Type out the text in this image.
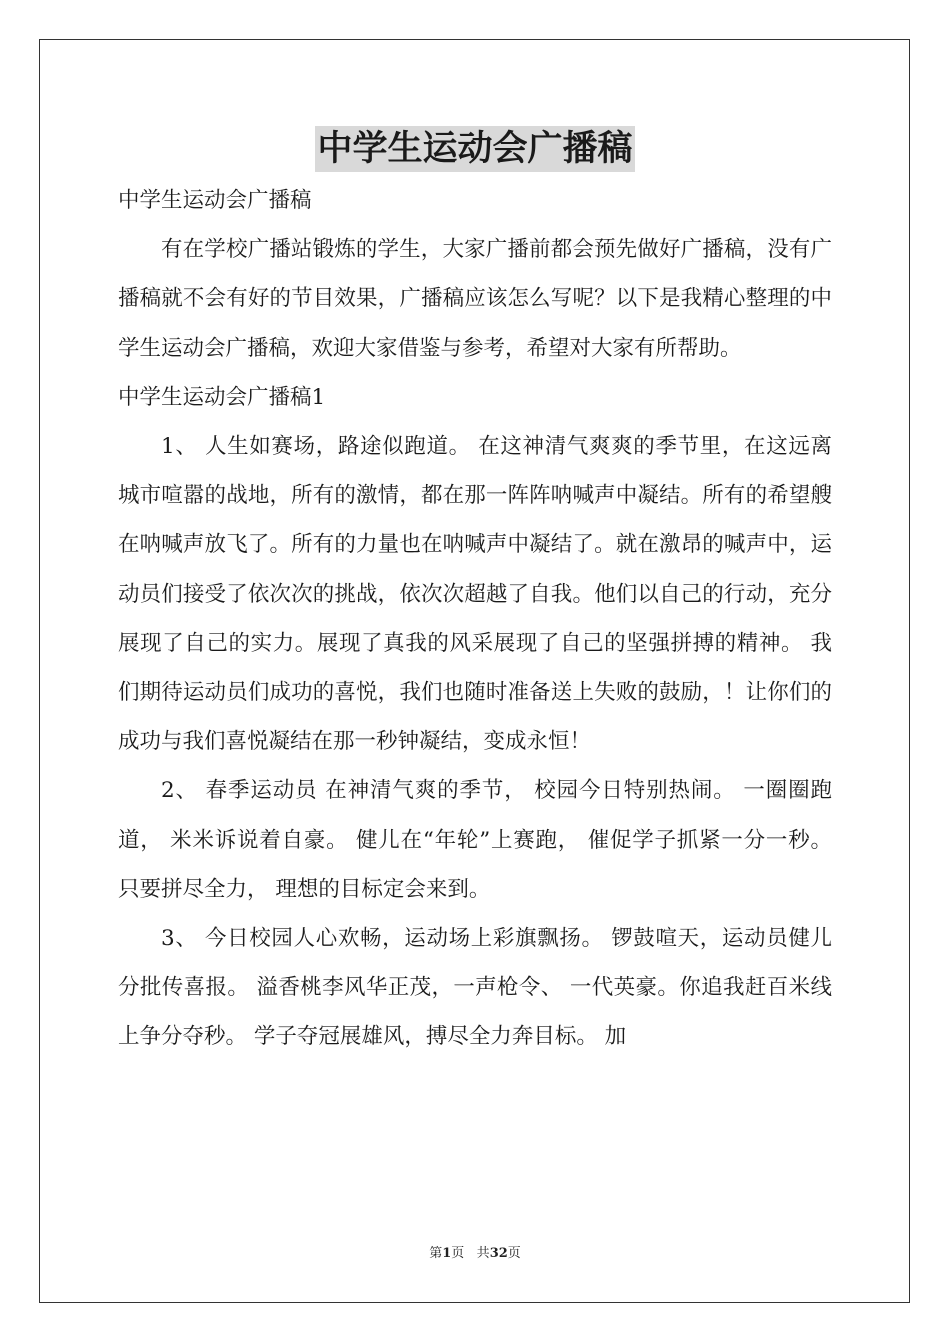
中学生运动会广播稿

中学生运动会广播稿

有在学校广播站锻炼的学生，大家广播前都会预先做好广播稿，没有广播稿就不会有好的节目效果，广播稿应该怎么写呢？以下是我精心整理的中学生运动会广播稿，欢迎大家借鉴与参考，希望对大家有所帮助。

中学生运动会广播稿1

1、 人生如赛场，路途似跑道。 在这神清气爽爽的季节里，在这远离城市喧嚣的战地，所有的激情，都在那一阵阵呐喊声中凝结。所有的希望艘在呐喊声放飞了。所有的力量也在呐喊声中凝结了。就在激昂的喊声中，运动员们接受了依次次的挑战，依次次超越了自我。他们以自己的行动，充分展现了自己的实力。展现了真我的风采展现了自己的坚强拼搏的精神。 我们期待运动员们成功的喜悦，我们也随时准备送上失败的鼓励，！让你们的成功与我们喜悦凝结在那一秒钟凝结，变成永恒！

2、 春季运动员 在神清气爽的季节， 校园今日特别热闹。 一圈圈跑道， 米米诉说着自豪。 健儿在“年轮”上赛跑， 催促学子抓紧一分一秒。 只要拼尽全力， 理想的目标定会来到。

3、 今日校园人心欢畅，运动场上彩旗飘扬。 锣鼓喧天，运动员健儿分批传喜报。 溢香桃李风华正茂，一声枪令、 一代英豪。你追我赶百米线上争分夺秒。 学子夺冠展雄风，搏尽全力奔目标。 加

第1页 共32页
